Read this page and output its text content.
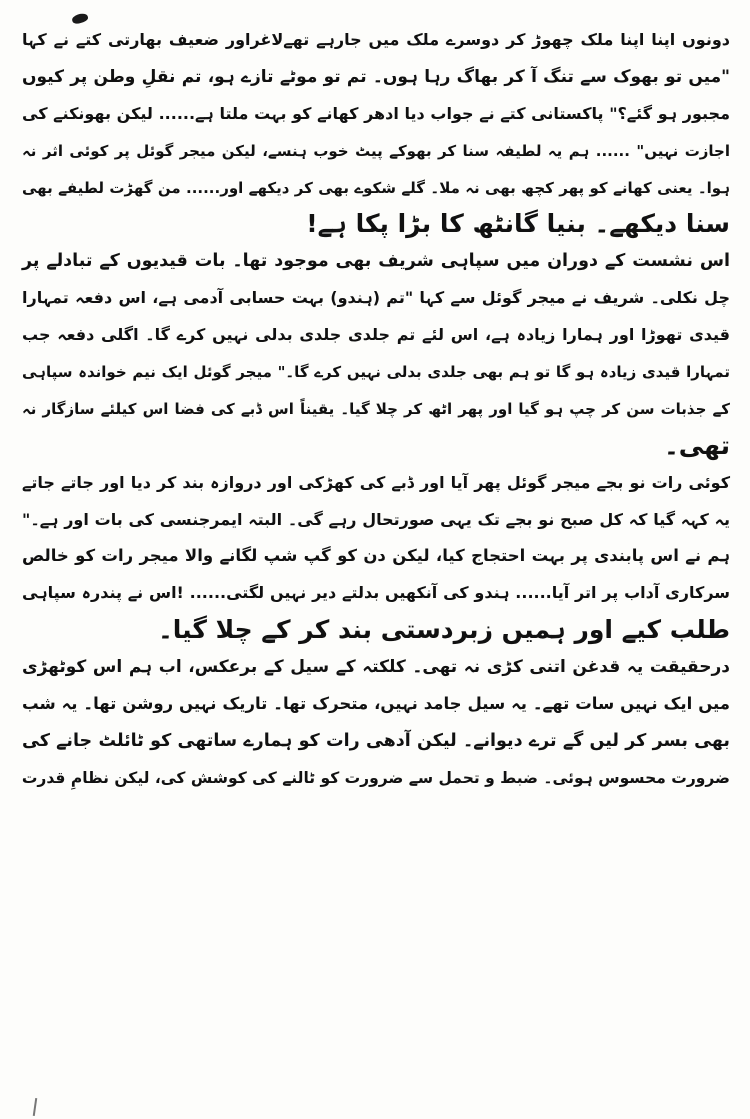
دونوں اپنا اپنا ملک چھوڑ کر دوسرے ملک میں جارہے تھےلاغراور ضعیف بھارتی کتے نے کہا
"میں تو بھوک سے تنگ آ کر بھاگ رہا ہوں۔ تم تو موٹے تازے ہو، تم نقلِ وطن پر کیوں
مجبور ہو گئے؟" پاکستانی کتے نے جواب دیا ادھر کھانے کو بہت ملتا ہے...... لیکن بھونکنے کی
اجازت نہیں" ...... ہم یہ لطیفہ سنا کر بھوکے پیٹ خوب ہنسے، لیکن میجر گوئل پر کوئی اثر نہ
ہوا۔ یعنی کھانے کو پھر کچھ بھی نہ ملا۔ گلے شکوے بھی کر دیکھے اور...... من گھڑت لطیفے بھی
سنا دیکھے۔ بنیا گانٹھ کا بڑا پکا ہے!
اس نشست کے دوران میں سپاہی شریف بھی موجود تھا۔ بات قیدیوں کے تبادلے پر
چل نکلی۔ شریف نے میجر گوئل سے کہا "تم (ہندو) بہت حسابی آدمی ہے، اس دفعہ تمہارا
قیدی تھوڑا اور ہمارا زیادہ ہے، اس لئے تم جلدی جلدی بدلی نہیں کرے گا۔ اگلی دفعہ جب
تمہارا قیدی زیادہ ہو گا تو ہم بھی جلدی بدلی نہیں کرے گا۔" میجر گوئل ایک نیم خواندہ سپاہی
کے جذبات سن کر چپ ہو گیا اور پھر اٹھ کر چلا گیا۔ یقیناً اس ڈبے کی فضا اس کیلئے سازگار نہ
تھی۔
کوئی رات نو بجے میجر گوئل پھر آیا اور ڈبے کی کھڑکی اور دروازہ بند کر دیا اور جاتے جاتے
یہ کہہ گیا کہ کل صبح نو بجے تک یہی صورتحال رہے گی۔ البتہ ایمرجنسی کی بات اور ہے۔"
ہم نے اس پابندی پر بہت احتجاج کیا، لیکن دن کو گپ شپ لگانے والا میجر رات کو خالص
سرکاری آداب پر اتر آیا...... ہندو کی آنکھیں بدلتے دیر نہیں لگتی...... !اس نے پندرہ سپاہی
طلب کیے اور ہمیں زبردستی بند کر کے چلا گیا۔
درحقیقت یہ قدغن اتنی کڑی نہ تھی۔ کلکتہ کے سیل کے برعکس، اب ہم اس کوٹھڑی
میں ایک نہیں سات تھے۔ یہ سیل جامد نہیں، متحرک تھا۔ تاریک نہیں روشن تھا۔ یہ شب
بھی بسر کر لیں گے ترے دیوانے۔ لیکن آدھی رات کو ہمارے ساتھی کو ٹائلٹ جانے کی
ضرورت محسوس ہوئی۔ ضبط و تحمل سے ضرورت کو ٹالنے کی کوشش کی، لیکن نظامِ قدرت
